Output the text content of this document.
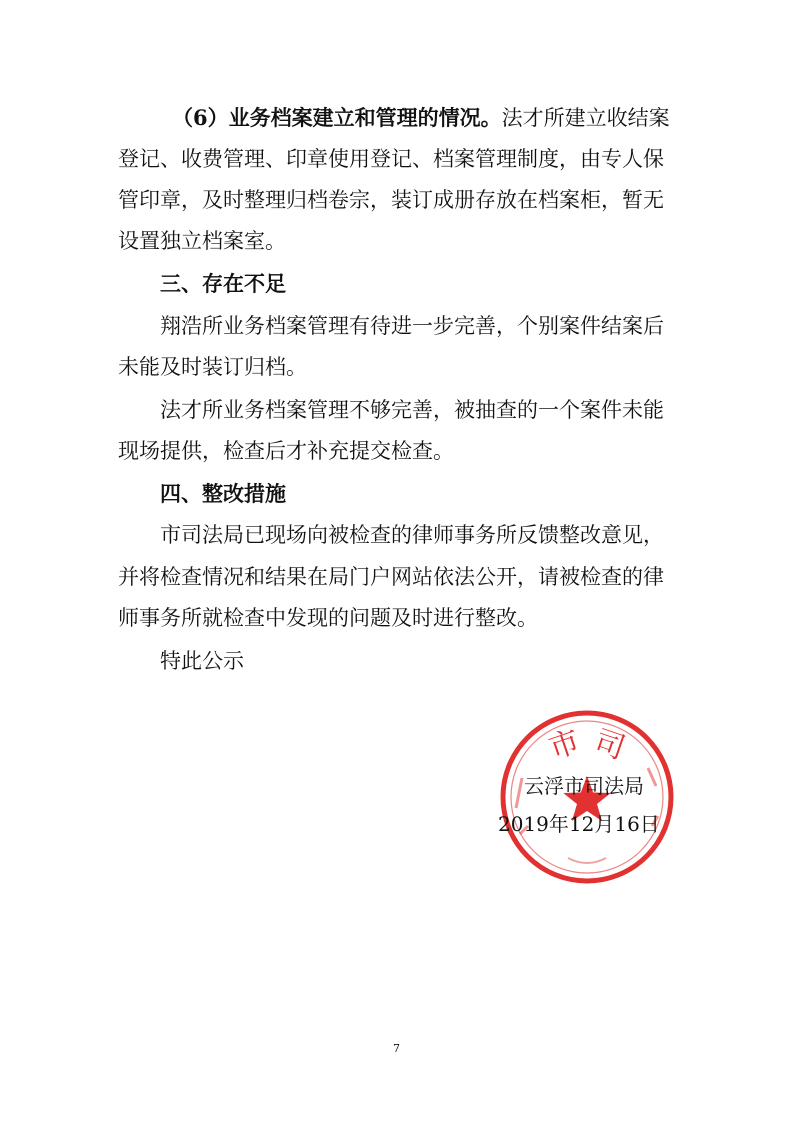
（6）业务档案建立和管理的情况。法才所建立收结案
登记、收费管理、印章使用登记、档案管理制度，由专人保
管印章，及时整理归档卷宗，装订成册存放在档案柜，暂无
设置独立档案室。
三、存在不足
翔浩所业务档案管理有待进一步完善，个别案件结案后
未能及时装订归档。
法才所业务档案管理不够完善，被抽查的一个案件未能
现场提供，检查后才补充提交检查。
四、整改措施
市司法局已现场向被检查的律师事务所反馈整改意见，
并将检查情况和结果在局门户网站依法公开，请被检查的律
师事务所就检查中发现的问题及时进行整改。
特此公示
市 司
云浮市司法局
2019年12月16日
7
